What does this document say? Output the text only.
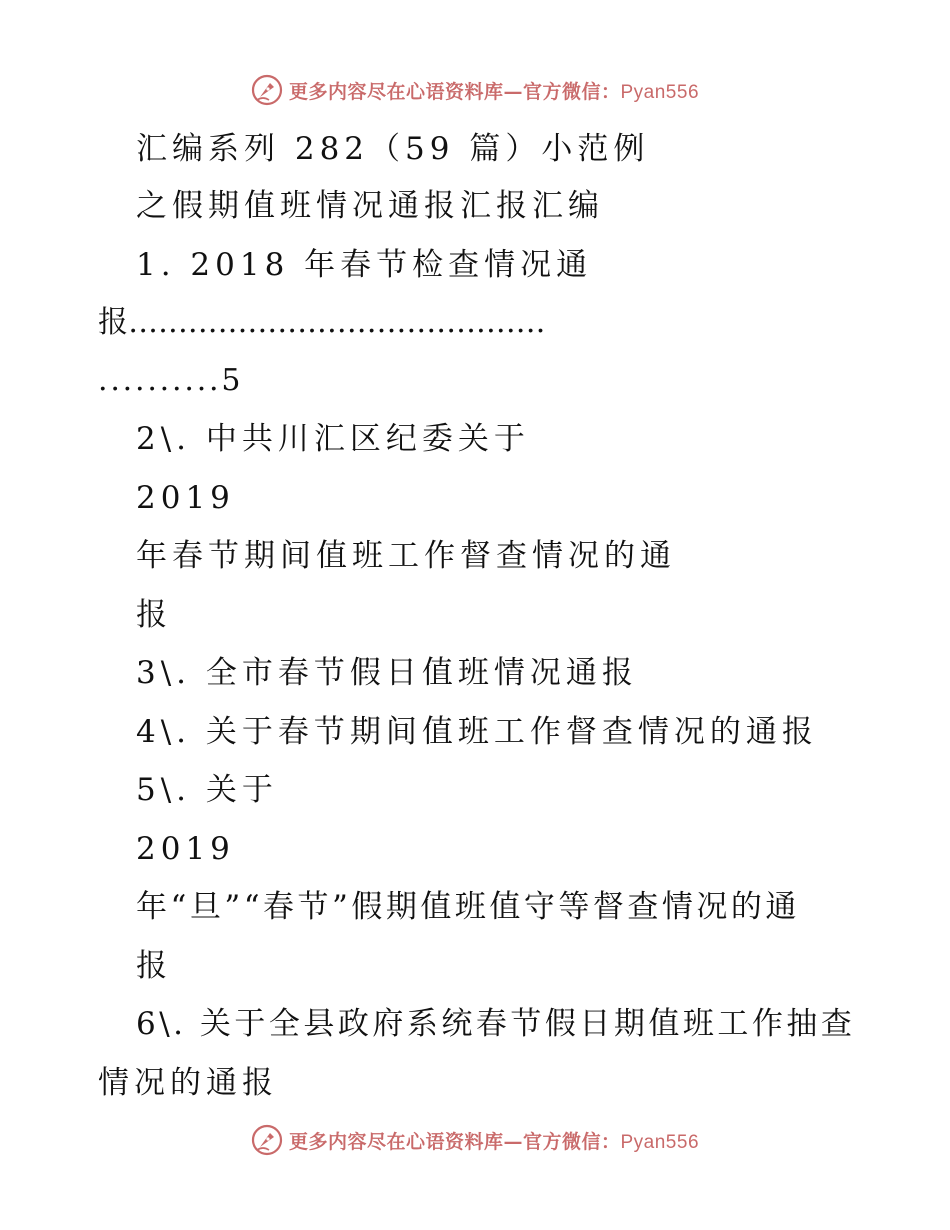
更多内容尽在心语资料库—官方微信：Pyan556
汇编系列 282（59 篇）小范例
之假期值班情况通报汇报汇编
1. 2018 年春节检查情况通
报..........................................
..........5
2\. 中共川汇区纪委关于
2019
年春节期间值班工作督查情况的通
报
3\. 全市春节假日值班情况通报
4\. 关于春节期间值班工作督查情况的通报
5\. 关于
2019
年“旦”“春节”假期值班值守等督查情况的通
报
6\. 关于全县政府系统春节假日期值班工作抽查
情况的通报
更多内容尽在心语资料库—官方微信：Pyan556
